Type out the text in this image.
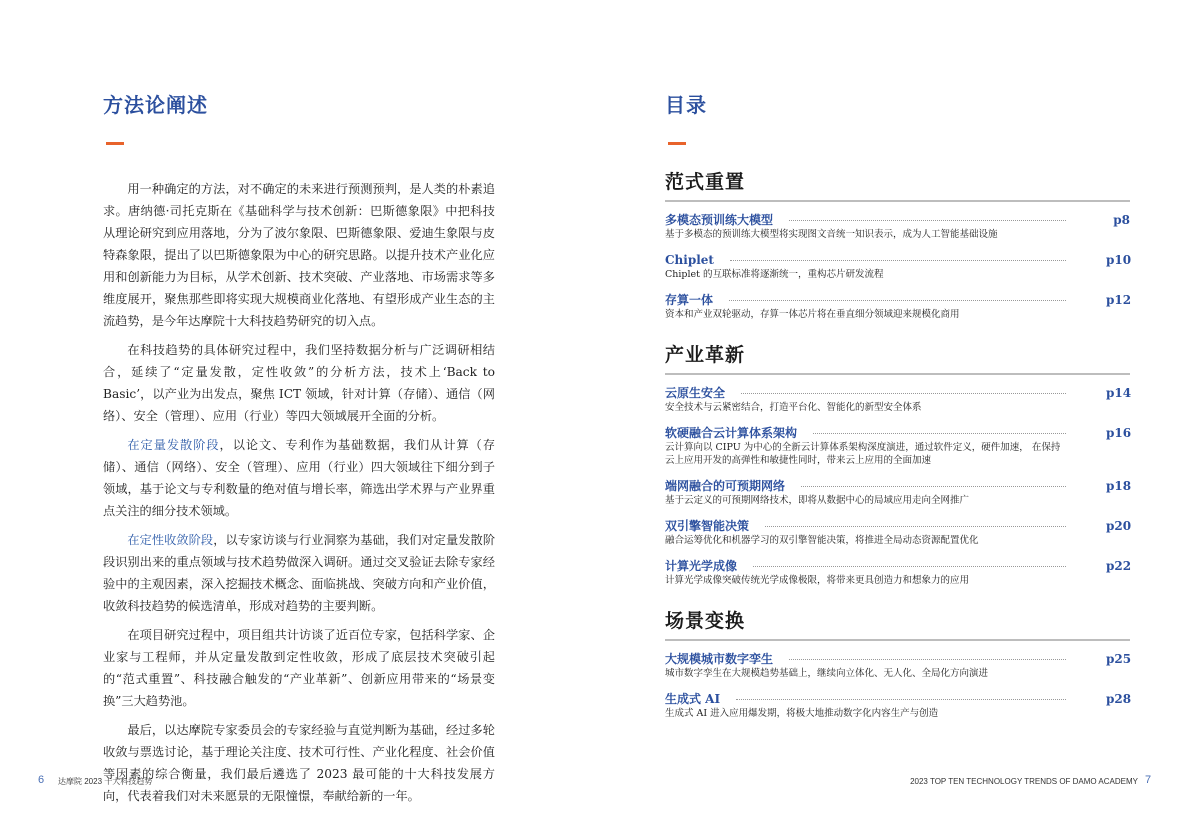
方法论阐述

用一种确定的方法，对不确定的未来进行预测预判，是人类的朴素追求。唐纳德·司托克斯在《基础科学与技术创新：巴斯德象限》中把科技从理论研究到应用落地，分为了波尔象限、巴斯德象限、爱迪生象限与皮特森象限，提出了以巴斯德象限为中心的研究思路。以提升技术产业化应用和创新能力为目标，从学术创新、技术突破、产业落地、市场需求等多维度展开，聚焦那些即将实现大规模商业化落地、有望形成产业生态的主流趋势，是今年达摩院十大科技趋势研究的切入点。

在科技趋势的具体研究过程中，我们坚持数据分析与广泛调研相结合，延续了“定量发散，定性收敛”的分析方法，技术上‘Back to Basic’，以产业为出发点，聚焦 ICT 领域，针对计算（存储）、通信（网络）、安全（管理）、应用（行业）等四大领域展开全面的分析。

在定量发散阶段，以论文、专利作为基础数据，我们从计算（存储）、通信（网络）、安全（管理）、应用（行业）四大领域往下细分到子领域，基于论文与专利数量的绝对值与增长率，筛选出学术界与产业界重点关注的细分技术领域。

在定性收敛阶段，以专家访谈与行业洞察为基础，我们对定量发散阶段识别出来的重点领域与技术趋势做深入调研。通过交叉验证去除专家经验中的主观因素，深入挖掘技术概念、面临挑战、突破方向和产业价值，收敛科技趋势的候选清单，形成对趋势的主要判断。

在项目研究过程中，项目组共计访谈了近百位专家，包括科学家、企业家与工程师，并从定量发散到定性收敛，形成了底层技术突破引起的“范式重置”、科技融合触发的“产业革新”、创新应用带来的“场景变换”三大趋势池。

最后，以达摩院专家委员会的专家经验与直觉判断为基础，经过多轮收敛与票选讨论，基于理论关注度、技术可行性、产业化程度、社会价值等因素的综合衡量，我们最后遴选了 2023 最可能的十大科技发展方向，代表着我们对未来愿景的无限憧憬，奉献给新的一年。

目录
范式重置
多模态预训练大模型	p8
基于多模态的预训练大模型将实现图文音统一知识表示，成为人工智能基础设施
Chiplet	p10
Chiplet 的互联标准将逐渐统一，重构芯片研发流程
存算一体	p12
资本和产业双轮驱动，存算一体芯片将在垂直细分领域迎来规模化商用
产业革新
云原生安全	p14
安全技术与云紧密结合，打造平台化、智能化的新型安全体系
软硬融合云计算体系架构	p16
云计算向以 CIPU 为中心的全新云计算体系架构深度演进，通过软件定义，硬件加速， 在保持云上应用开发的高弹性和敏捷性同时，带来云上应用的全面加速
端网融合的可预期网络	p18
基于云定义的可预期网络技术，即将从数据中心的局域应用走向全网推广
双引擎智能决策	p20
融合运筹优化和机器学习的双引擎智能决策，将推进全局动态资源配置优化
计算光学成像	p22
计算光学成像突破传统光学成像极限，将带来更具创造力和想象力的应用
场景变换
大规模城市数字孪生	p25
城市数字孪生在大规模趋势基础上，继续向立体化、无人化、全局化方向演进
生成式 AI	p28
生成式 AI 进入应用爆发期，将极大地推动数字化内容生产与创造
6 达摩院 2023 十大科技趋势	2023 TOP TEN TECHNOLOGY TRENDS OF DAMO ACADEMY 7
